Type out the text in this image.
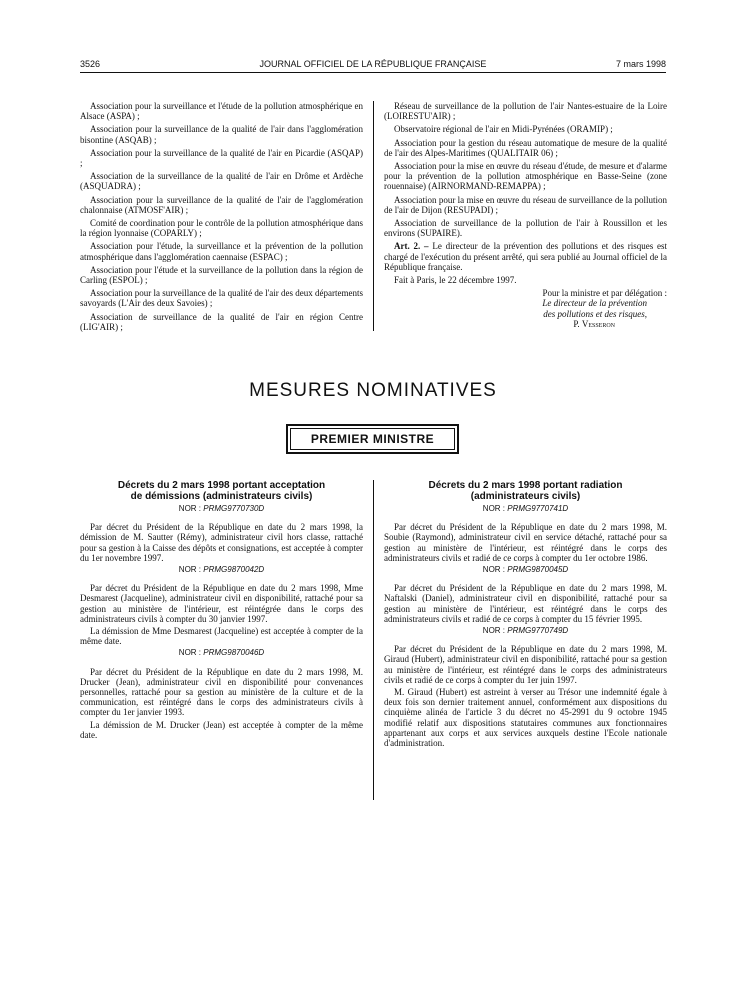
3526	JOURNAL OFFICIEL DE LA RÉPUBLIQUE FRANÇAISE	7 mars 1998

Association pour la surveillance et l'étude de la pollution atmosphérique en Alsace (ASPA) ;

Association pour la surveillance de la qualité de l'air dans l'agglomération bisontine (ASQAB) ;

Association pour la surveillance de la qualité de l'air en Picardie (ASQAP) ;

Association de la surveillance de la qualité de l'air en Drôme et Ardèche (ASQUADRA) ;

Association pour la surveillance de la qualité de l'air de l'agglomération chalonnaise (ATMOSF'AIR) ;

Comité de coordination pour le contrôle de la pollution atmosphérique dans la région lyonnaise (COPARLY) ;

Association pour l'étude, la surveillance et la prévention de la pollution atmosphérique dans l'agglomération caennaise (ESPAC) ;

Association pour l'étude et la surveillance de la pollution dans la région de Carling (ESPOL) ;

Association pour la surveillance de la qualité de l'air des deux départements savoyards (L'Air des deux Savoies) ;

Association de surveillance de la qualité de l'air en région Centre (LIG'AIR) ;

Réseau de surveillance de la pollution de l'air Nantes-estuaire de la Loire (LOIRESTU'AIR) ;

Observatoire régional de l'air en Midi-Pyrénées (ORAMIP) ;

Association pour la gestion du réseau automatique de mesure de la qualité de l'air des Alpes-Maritimes (QUALITAIR 06) ;

Association pour la mise en œuvre du réseau d'étude, de mesure et d'alarme pour la prévention de la pollution atmosphérique en Basse-Seine (zone rouennaise) (AIRNORMAND-REMAPPA) ;

Association pour la mise en œuvre du réseau de surveillance de la pollution de l'air de Dijon (RESUPADI) ;

Association de surveillance de la pollution de l'air à Roussillon et les environs (SUPAIRE).

Art. 2. – Le directeur de la prévention des pollutions et des risques est chargé de l'exécution du présent arrêté, qui sera publié au Journal officiel de la République française.

Fait à Paris, le 22 décembre 1997.

Pour la ministre et par délégation :
Le directeur de la prévention
des pollutions et des risques,
P. Vesseron
MESURES NOMINATIVES
PREMIER MINISTRE
Décrets du 2 mars 1998 portant acceptation
de démissions (administrateurs civils)
NOR : PRMG9770730D

Par décret du Président de la République en date du 2 mars 1998, la démission de M. Sautter (Rémy), administrateur civil hors classe, rattaché pour sa gestion à la Caisse des dépôts et consignations, est acceptée à compter du 1er novembre 1997.

NOR : PRMG9870042D

Par décret du Président de la République en date du 2 mars 1998, Mme Desmarest (Jacqueline), administrateur civil en disponibilité, rattaché pour sa gestion au ministère de l'intérieur, est réintégrée dans le corps des administrateurs civils à compter du 30 janvier 1997.

La démission de Mme Desmarest (Jacqueline) est acceptée à compter de la même date.

NOR : PRMG9870046D

Par décret du Président de la République en date du 2 mars 1998, M. Drucker (Jean), administrateur civil en disponibilité pour convenances personnelles, rattaché pour sa gestion au ministère de la culture et de la communication, est réintégré dans le corps des administrateurs civils à compter du 1er janvier 1993.

La démission de M. Drucker (Jean) est acceptée à compter de la même date.

Décrets du 2 mars 1998 portant radiation
(administrateurs civils)
NOR : PRMG9770741D

Par décret du Président de la République en date du 2 mars 1998, M. Soubie (Raymond), administrateur civil en service détaché, rattaché pour sa gestion au ministère de l'intérieur, est réintégré dans le corps des administrateurs civils et radié de ce corps à compter du 1er octobre 1986.

NOR : PRMG9870045D

Par décret du Président de la République en date du 2 mars 1998, M. Naftalski (Daniel), administrateur civil en disponibilité, rattaché pour sa gestion au ministère de l'intérieur, est réintégré dans le corps des administrateurs civils et radié de ce corps à compter du 15 février 1995.

NOR : PRMG9770749D

Par décret du Président de la République en date du 2 mars 1998, M. Giraud (Hubert), administrateur civil en disponibilité, rattaché pour sa gestion au ministère de l'intérieur, est réintégré dans le corps des administrateurs civils et radié de ce corps à compter du 1er juin 1997.

M. Giraud (Hubert) est astreint à verser au Trésor une indemnité égale à deux fois son dernier traitement annuel, conformément aux dispositions du cinquième alinéa de l'article 3 du décret no 45-2991 du 9 octobre 1945 modifié relatif aux dispositions statutaires communes aux fonctionnaires appartenant aux corps et aux services auxquels destine l'Ecole nationale d'administration.
